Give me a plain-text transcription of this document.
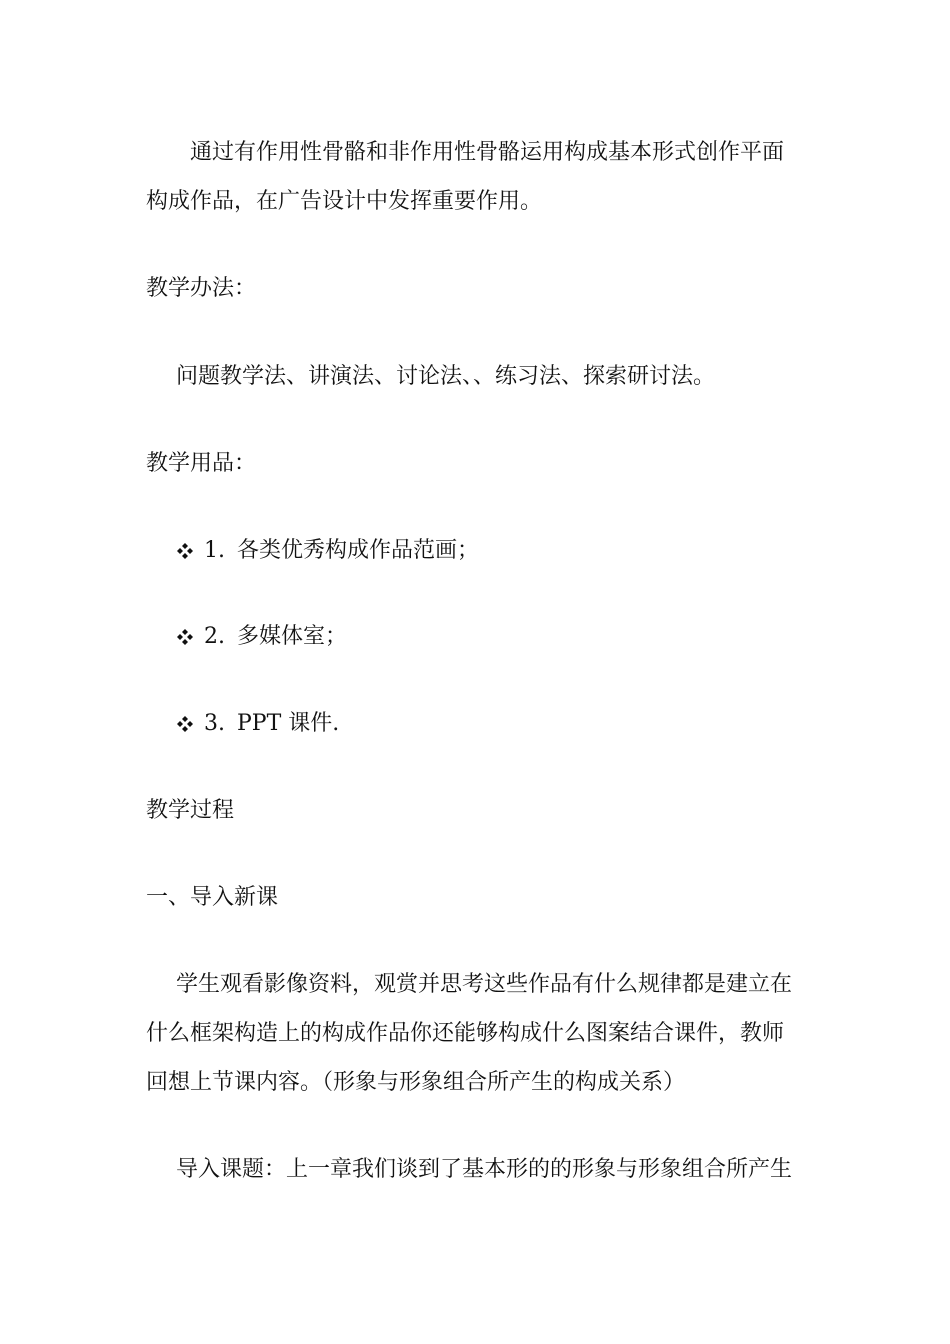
通过有作用性骨骼和非作用性骨骼运用构成基本形式创作平面
构成作品，在广告设计中发挥重要作用。
教学办法：
问题教学法、讲演法、讨论法、、练习法、探索研讨法。
教学用品：
1. 各类优秀构成作品范画；
2. 多媒体室；
3. PPT 课件.
教学过程
一、导入新课
学生观看影像资料，观赏并思考这些作品有什么规律都是建立在
什么框架构造上的构成作品你还能够构成什么图案结合课件，教师
回想上节课内容。（形象与形象组合所产生的构成关系）
导入课题：上一章我们谈到了基本形的的形象与形象组合所产生
